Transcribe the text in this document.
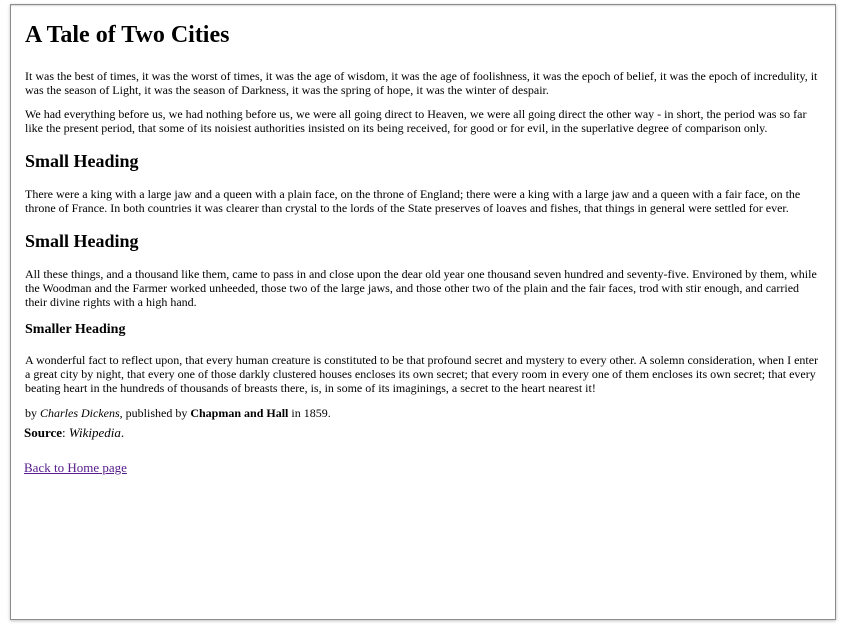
A Tale of Two Cities

It was the best of times, it was the worst of times, it was the age of wisdom, it was the age of foolishness, it was the epoch of belief, it was the epoch of incredulity, it was the season of Light, it was the season of Darkness, it was the spring of hope, it was the winter of despair.

We had everything before us, we had nothing before us, we were all going direct to Heaven, we were all going direct the other way - in short, the period was so far like the present period, that some of its noisiest authorities insisted on its being received, for good or for evil, in the superlative degree of comparison only.

Small Heading

There were a king with a large jaw and a queen with a plain face, on the throne of England; there were a king with a large jaw and a queen with a fair face, on the throne of France. In both countries it was clearer than crystal to the lords of the State preserves of loaves and fishes, that things in general were settled for ever.

Small Heading

All these things, and a thousand like them, came to pass in and close upon the dear old year one thousand seven hundred and seventy-five. Environed by them, while the Woodman and the Farmer worked unheeded, those two of the large jaws, and those other two of the plain and the fair faces, trod with stir enough, and carried their divine rights with a high hand.

Smaller Heading

A wonderful fact to reflect upon, that every human creature is constituted to be that profound secret and mystery to every other. A solemn consideration, when I enter a great city by night, that every one of those darkly clustered houses encloses its own secret; that every room in every one of them encloses its own secret; that every beating heart in the hundreds of thousands of breasts there, is, in some of its imaginings, a secret to the heart nearest it!

by Charles Dickens, published by Chapman and Hall in 1859.
Source: Wikipedia.
Back to Home page
